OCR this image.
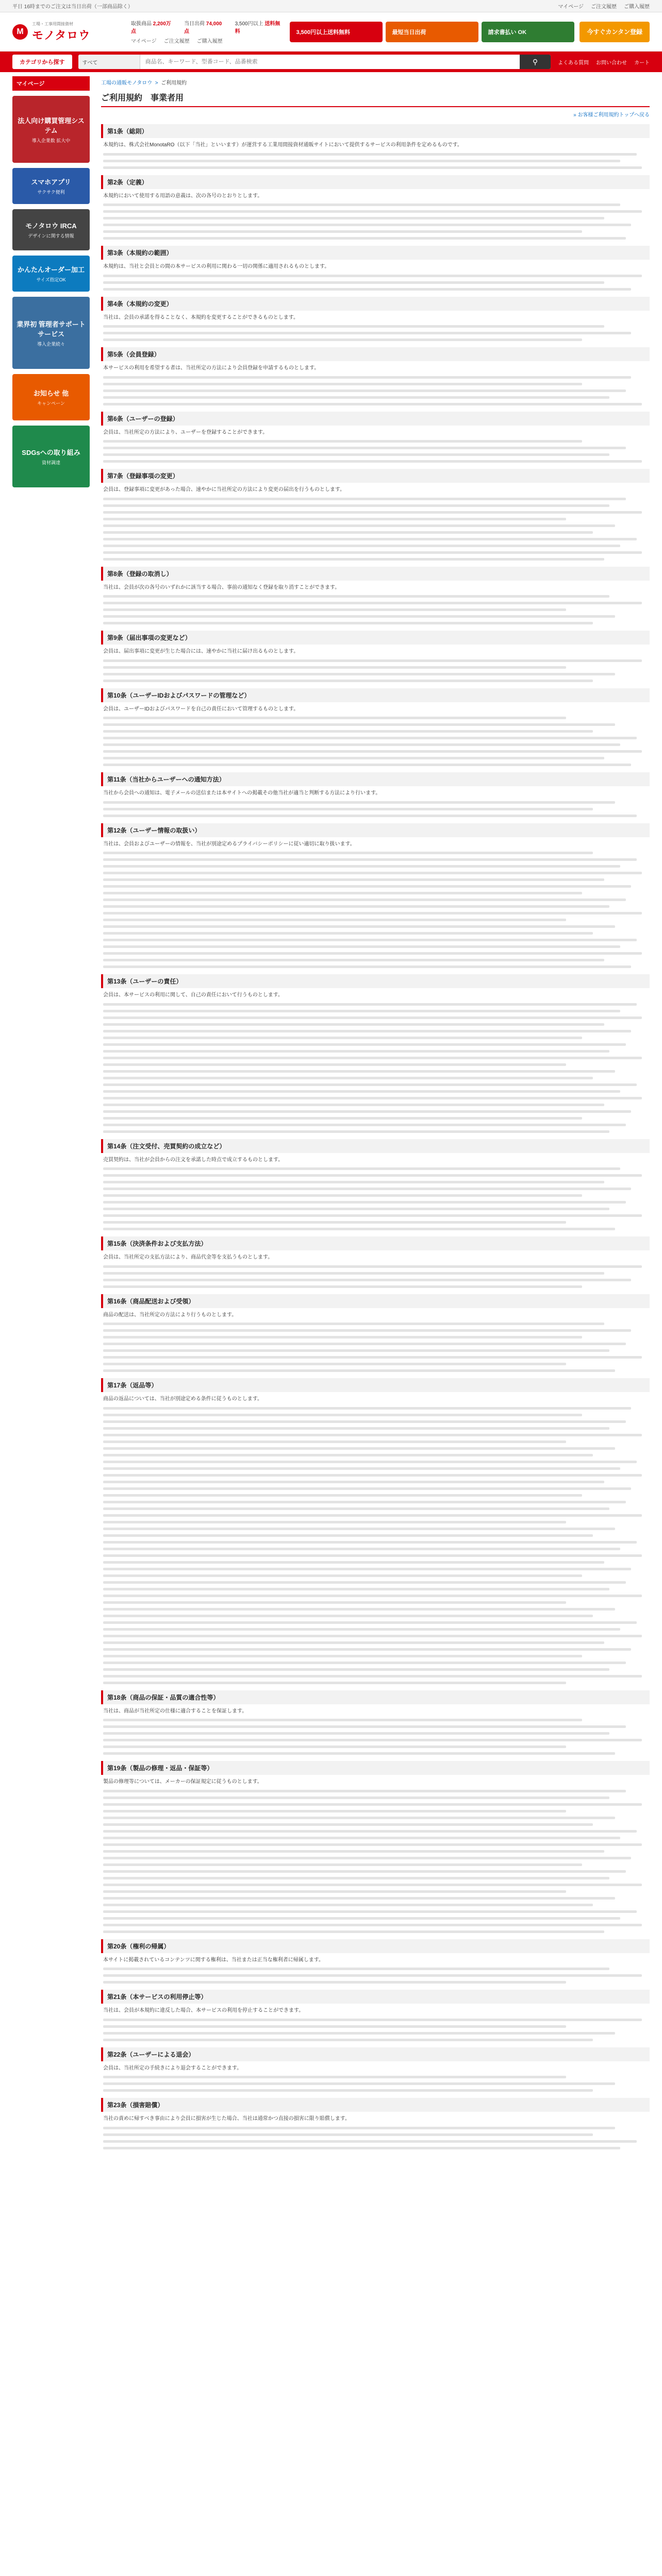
平日 16時までのご注文は当日出荷（一部商品除く）	マイページ ご注文履歴 ご購入履歴
M
工場・工事用間接資材
モノタロウ
取扱商品 2,200万点
当日出荷 74,000点
3,500円以上 送料無料
マイページ ご注文履歴 ご購入履歴
3,500円以上送料無料	最短当日出荷	請求書払い OK	今すぐカンタン登録
カテゴリから探す	すべて
商品名、キーワード、型番コード、品番検索	⚲	よくある質問 お問い合わせ カート
マイページ
法人向け購買管理システム
導入企業数 拡大中
スマホアプリ
サクサク便利
モノタロウ IRCA
デザインに関する情報
かんたんオーダー加工
サイズ指定OK
業界初 管理者サポートサービス
導入企業続々
お知らせ 他
キャンペーン
SDGsへの取り組み
資材調達
工場の通販モノタロウ  >  ご利用規約
ご利用規約　事業者用
» お客様ご利用規約トップへ戻る
第1条（総則）
本規約は、株式会社MonotaRO（以下「当社」といいます）が運営する工業用間接資材通販サイトにおいて提供するサービスの利用条件を定めるものです。
第2条（定義）
本規約において使用する用語の意義は、次の各号のとおりとします。
第3条（本規約の範囲）
本規約は、当社と会員との間の本サービスの利用に関わる一切の関係に適用されるものとします。
第4条（本規約の変更）
当社は、会員の承諾を得ることなく、本規約を変更することができるものとします。
第5条（会員登録）
本サービスの利用を希望する者は、当社所定の方法により会員登録を申請するものとします。
第6条（ユーザーの登録）
会員は、当社所定の方法により、ユーザーを登録することができます。
第7条（登録事項の変更）
会員は、登録事項に変更があった場合、速やかに当社所定の方法により変更の届出を行うものとします。
第8条（登録の取消し）
当社は、会員が次の各号のいずれかに該当する場合、事前の通知なく登録を取り消すことができます。
第9条（届出事項の変更など）
会員は、届出事項に変更が生じた場合には、速やかに当社に届け出るものとします。
第10条（ユーザーIDおよびパスワードの管理など）
会員は、ユーザーIDおよびパスワードを自己の責任において管理するものとします。
第11条（当社からユーザーへの通知方法）
当社から会員への通知は、電子メールの送信または本サイトへの掲載その他当社が適当と判断する方法により行います。
第12条（ユーザー情報の取扱い）
当社は、会員およびユーザーの情報を、当社が別途定めるプライバシーポリシーに従い適切に取り扱います。
第13条（ユーザーの責任）
会員は、本サービスの利用に関して、自己の責任において行うものとします。
第14条（注文受付、売買契約の成立など）
売買契約は、当社が会員からの注文を承諾した時点で成立するものとします。
第15条（決済条件および支払方法）
会員は、当社所定の支払方法により、商品代金等を支払うものとします。
第16条（商品配送および受領）
商品の配送は、当社所定の方法により行うものとします。
第17条（返品等）
商品の返品については、当社が別途定める条件に従うものとします。
第18条（商品の保証・品質の適合性等）
当社は、商品が当社所定の仕様に適合することを保証します。
第19条（製品の修理・返品・保証等）
製品の修理等については、メーカーの保証規定に従うものとします。
第20条（権利の帰属）
本サイトに掲載されているコンテンツに関する権利は、当社または正当な権利者に帰属します。
第21条（本サービスの利用停止等）
当社は、会員が本規約に違反した場合、本サービスの利用を停止することができます。
第22条（ユーザーによる退会）
会員は、当社所定の手続きにより退会することができます。
第23条（損害賠償）
当社の責めに帰すべき事由により会員に損害が生じた場合、当社は通常かつ直接の損害に限り賠償します。
